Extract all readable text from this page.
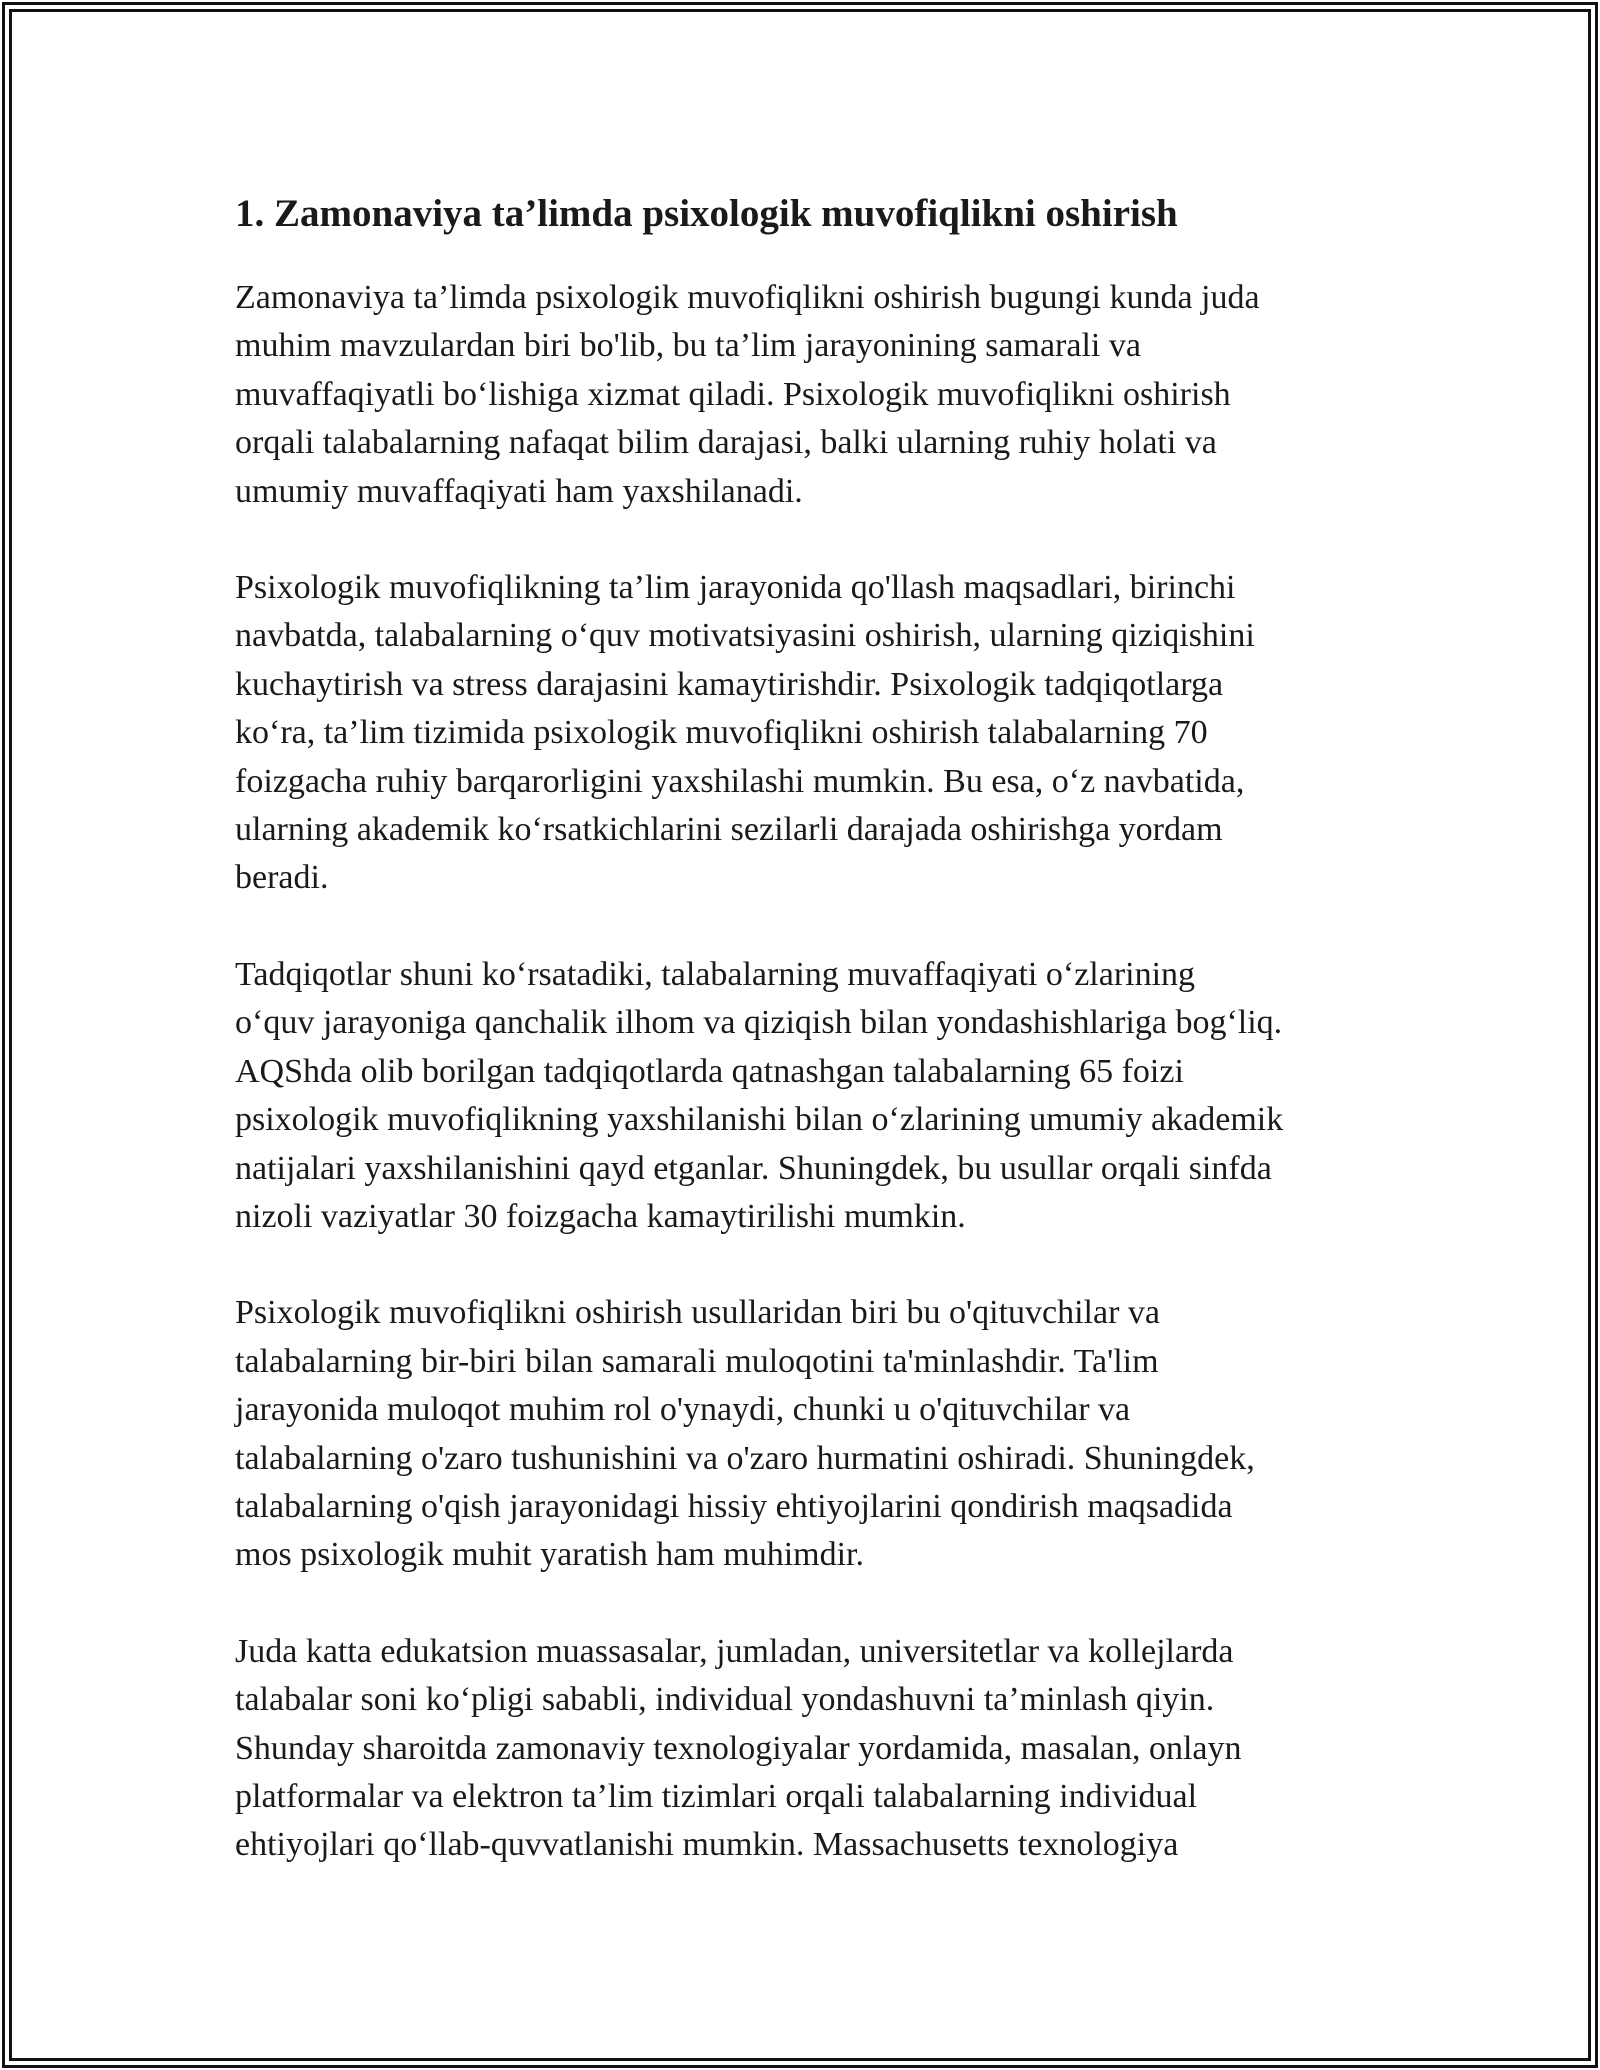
1. Zamonaviya ta’limda psixologik muvofiqlikni oshirish

Zamonaviya ta’limda psixologik muvofiqlikni oshirish bugungi kunda juda
muhim mavzulardan biri bo'lib, bu ta’lim jarayonining samarali va
muvaffaqiyatli bo‘lishiga xizmat qiladi. Psixologik muvofiqlikni oshirish
orqali talabalarning nafaqat bilim darajasi, balki ularning ruhiy holati va
umumiy muvaffaqiyati ham yaxshilanadi.

Psixologik muvofiqlikning ta’lim jarayonida qo'llash maqsadlari, birinchi
navbatda, talabalarning o‘quv motivatsiyasini oshirish, ularning qiziqishini
kuchaytirish va stress darajasini kamaytirishdir. Psixologik tadqiqotlarga
ko‘ra, ta’lim tizimida psixologik muvofiqlikni oshirish talabalarning 70
foizgacha ruhiy barqarorligini yaxshilashi mumkin. Bu esa, o‘z navbatida,
ularning akademik ko‘rsatkichlarini sezilarli darajada oshirishga yordam
beradi.

Tadqiqotlar shuni ko‘rsatadiki, talabalarning muvaffaqiyati o‘zlarining
o‘quv jarayoniga qanchalik ilhom va qiziqish bilan yondashishlariga bog‘liq.
AQShda olib borilgan tadqiqotlarda qatnashgan talabalarning 65 foizi
psixologik muvofiqlikning yaxshilanishi bilan o‘zlarining umumiy akademik
natijalari yaxshilanishini qayd etganlar. Shuningdek, bu usullar orqali sinfda
nizoli vaziyatlar 30 foizgacha kamaytirilishi mumkin.

Psixologik muvofiqlikni oshirish usullaridan biri bu o'qituvchilar va
talabalarning bir-biri bilan samarali muloqotini ta'minlashdir. Ta'lim
jarayonida muloqot muhim rol o'ynaydi, chunki u o'qituvchilar va
talabalarning o'zaro tushunishini va o'zaro hurmatini oshiradi. Shuningdek,
talabalarning o'qish jarayonidagi hissiy ehtiyojlarini qondirish maqsadida
mos psixologik muhit yaratish ham muhimdir.

Juda katta edukatsion muassasalar, jumladan, universitetlar va kollejlarda
talabalar soni ko‘pligi sababli, individual yondashuvni ta’minlash qiyin.
Shunday sharoitda zamonaviy texnologiyalar yordamida, masalan, onlayn
platformalar va elektron ta’lim tizimlari orqali talabalarning individual
ehtiyojlari qo‘llab-quvvatlanishi mumkin. Massachusetts texnologiya
